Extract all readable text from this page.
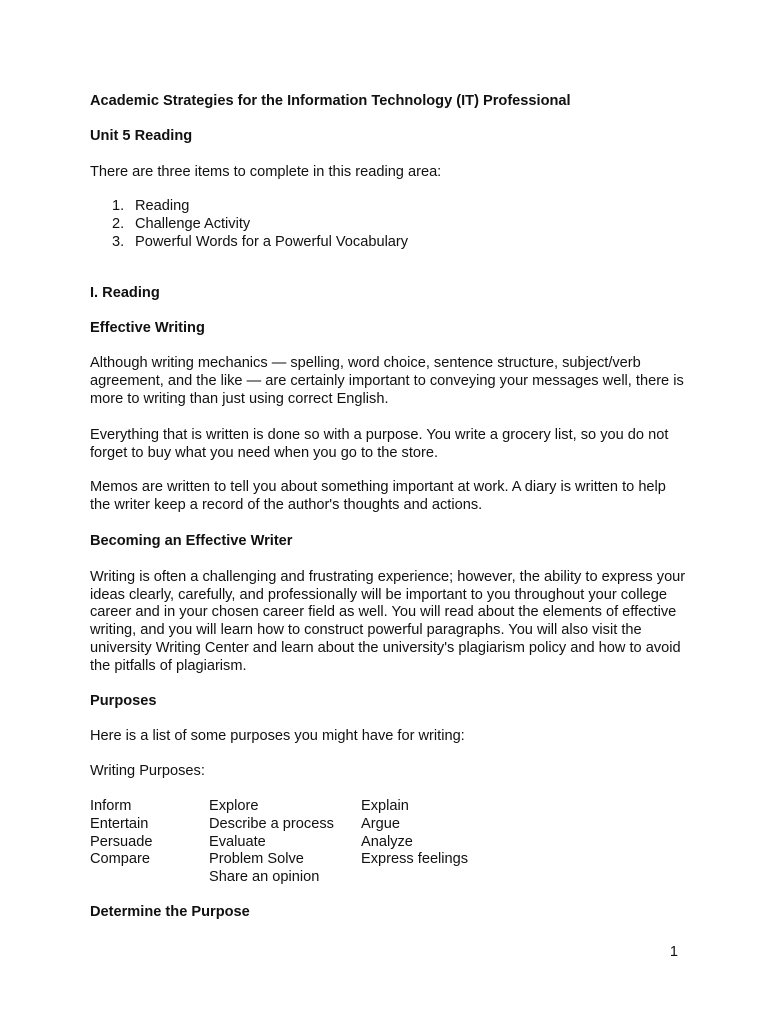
Academic Strategies for the Information Technology (IT) Professional
Unit 5 Reading

There are three items to complete in this reading area:

1. Reading
2. Challenge Activity
3. Powerful Words for a Powerful Vocabulary
I. Reading
Effective Writing

Although writing mechanics — spelling, word choice, sentence structure, subject/verb agreement, and the like — are certainly important to conveying your messages well, there is more to writing than just using correct English.

Everything that is written is done so with a purpose. You write a grocery list, so you do not forget to buy what you need when you go to the store.

Memos are written to tell you about something important at work. A diary is written to help the writer keep a record of the author's thoughts and actions.

Becoming an Effective Writer

Writing is often a challenging and frustrating experience; however, the ability to express your ideas clearly, carefully, and professionally will be important to you throughout your college career and in your chosen career field as well. You will read about the elements of effective writing, and you will learn how to construct powerful paragraphs. You will also visit the university Writing Center and learn about the university's plagiarism policy and how to avoid the pitfalls of plagiarism.

Purposes

Here is a list of some purposes you might have for writing:

Writing Purposes:

Inform
Entertain
Persuade
Compare
Explore
Describe a process
Evaluate
Problem Solve
Share an opinion
Explain
Argue
Analyze
Express feelings
Determine the Purpose
1
